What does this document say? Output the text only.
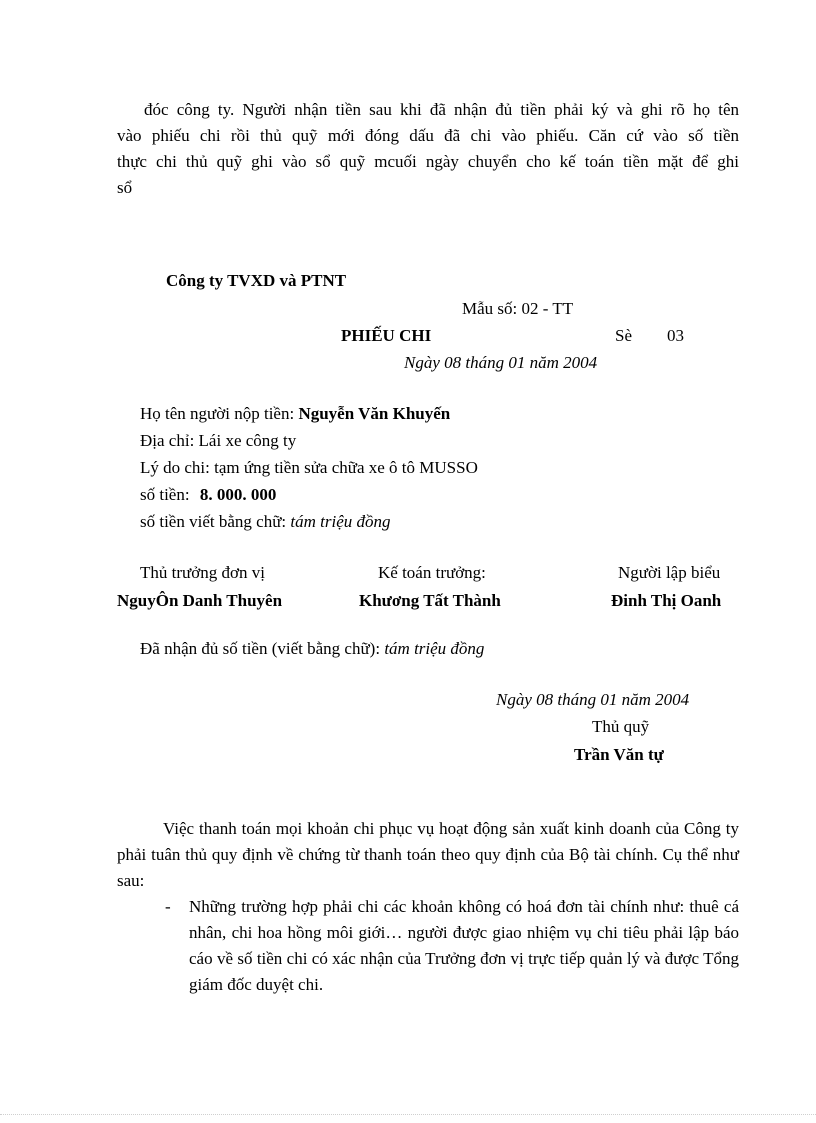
đóc công ty. Người nhận tiền sau khi đã nhận đủ tiền phải ký và ghi rõ họ tên
vào phiếu chi rồi thủ quỹ mới đóng dấu đã chi vào phiếu. Căn cứ vào số tiền
thực chi thủ quỹ ghi vào sổ quỹ mcuối ngày chuyển cho kế toán tiền mặt để ghi
sổ
Công ty TVXD và PTNT
Mẫu số: 02 - TT
PHIẾU CHI	Sè 03
Ngày 08 tháng 01 năm 2004
Họ tên người nộp tiền: Nguyễn Văn Khuyến
Địa chỉ: Lái xe công ty
Lý do chi: tạm ứng tiền sửa chữa xe ô tô MUSSO
số tiền: 8. 000. 000
số tiền viết bằng chữ: tám triệu đồng
Thủ trưởng đơn vị	Kế toán trưởng:	Người lập biểu
NguyÔn Danh Thuyên	Khương Tất Thành	Đinh Thị Oanh
Đã nhận đủ số tiền (viết bằng chữ): tám triệu đồng
Ngày 08 tháng 01 năm 2004
Thủ quỹ
Trần Văn tự
Việc thanh toán mọi khoản chi phục vụ hoạt động sản xuất kinh doanh của Công ty phải tuân thủ quy định về chứng từ thanh toán theo quy định của Bộ tài chính. Cụ thể như sau:
- Những trường hợp phải chi các khoản không có hoá đơn tài chính như: thuê cá nhân, chi hoa hồng môi giới… người được giao nhiệm vụ chi tiêu phải lập báo cáo về số tiền chi có xác nhận của Trưởng đơn vị trực tiếp quản lý và được Tổng giám đốc duyệt chi.
